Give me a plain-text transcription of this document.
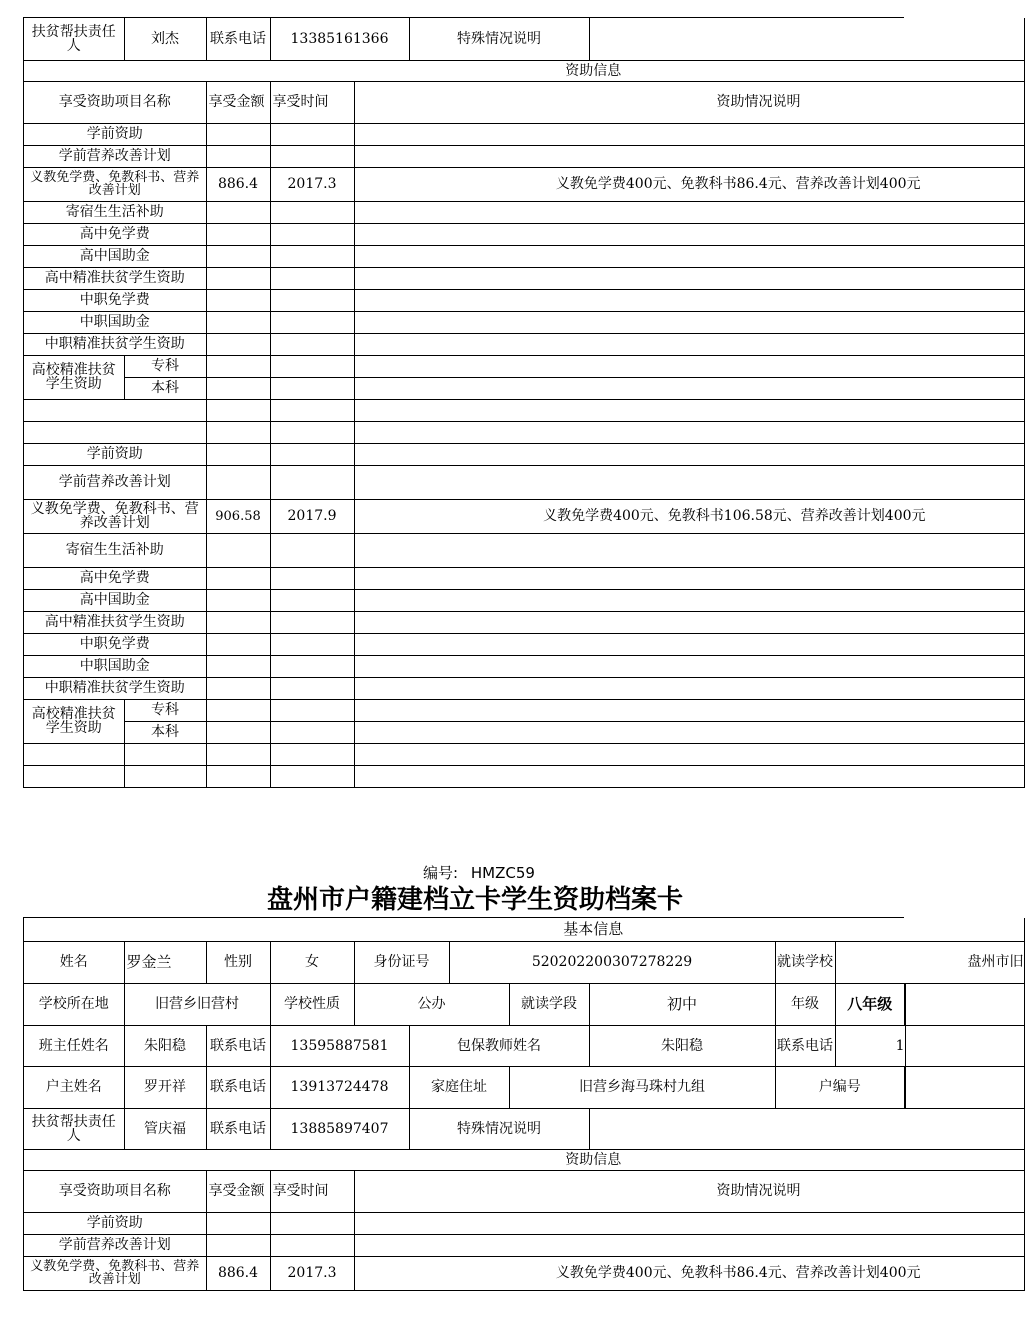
扶贫帮扶责任人	刘杰	联系电话	13385161366		特殊情况说明	
资助信息						
享受资助项目名称		享受金额	享受时间	资助情况说明		
学前资助						
学前营养改善计划						
义教免学费、免教科书、营养改善计划		886.4	2017.3	义教免学费400元、免教科书86.4元、营养改善计划400元		
寄宿生生活补助						
高中免学费						
高中国助金						
高中精准扶贫学生资助						
中职免学费						
中职国助金						
中职精准扶贫学生资助						
高校精准扶贫学生资助	专科					
	本科					

学前资助						
学前营养改善计划						
义教免学费、免教科书、营养改善计划		906.58	2017.9	义教免学费400元、免教科书106.58元、营养改善计划400元		
寄宿生生活补助						
高中免学费						
高中国助金						
高中精准扶贫学生资助						
中职免学费						
中职国助金						
中职精准扶贫学生资助						
高校精准扶贫学生资助	专科					
	本科					

编号: HMZC59
盘州市户籍建档立卡学生资助档案卡
基本信息											
姓名	罗金兰	性别	女	身份证号		520202200307278229			就读学校	盘州市旧	
学校所在地	旧营乡旧营村		学校性质	公办			就读学段	初中	年级	八年级	
班主任姓名	朱阳稳	联系电话	13595887581		包保教师姓名			朱阳稳	联系电话	1	
户主姓名	罗开祥	联系电话	13913724478		家庭住址		旧营乡海马珠村九组		户编号		
扶贫帮扶责任人	管庆福	联系电话	13885897407		特殊情况说明						
资助信息											
享受资助项目名称		享受金额	享受时间	资助情况说明							
学前资助											
学前营养改善计划											
义教免学费、免教科书、营养改善计划		886.4	2017.3	义教免学费400元、免教科书86.4元、营养改善计划400元							
